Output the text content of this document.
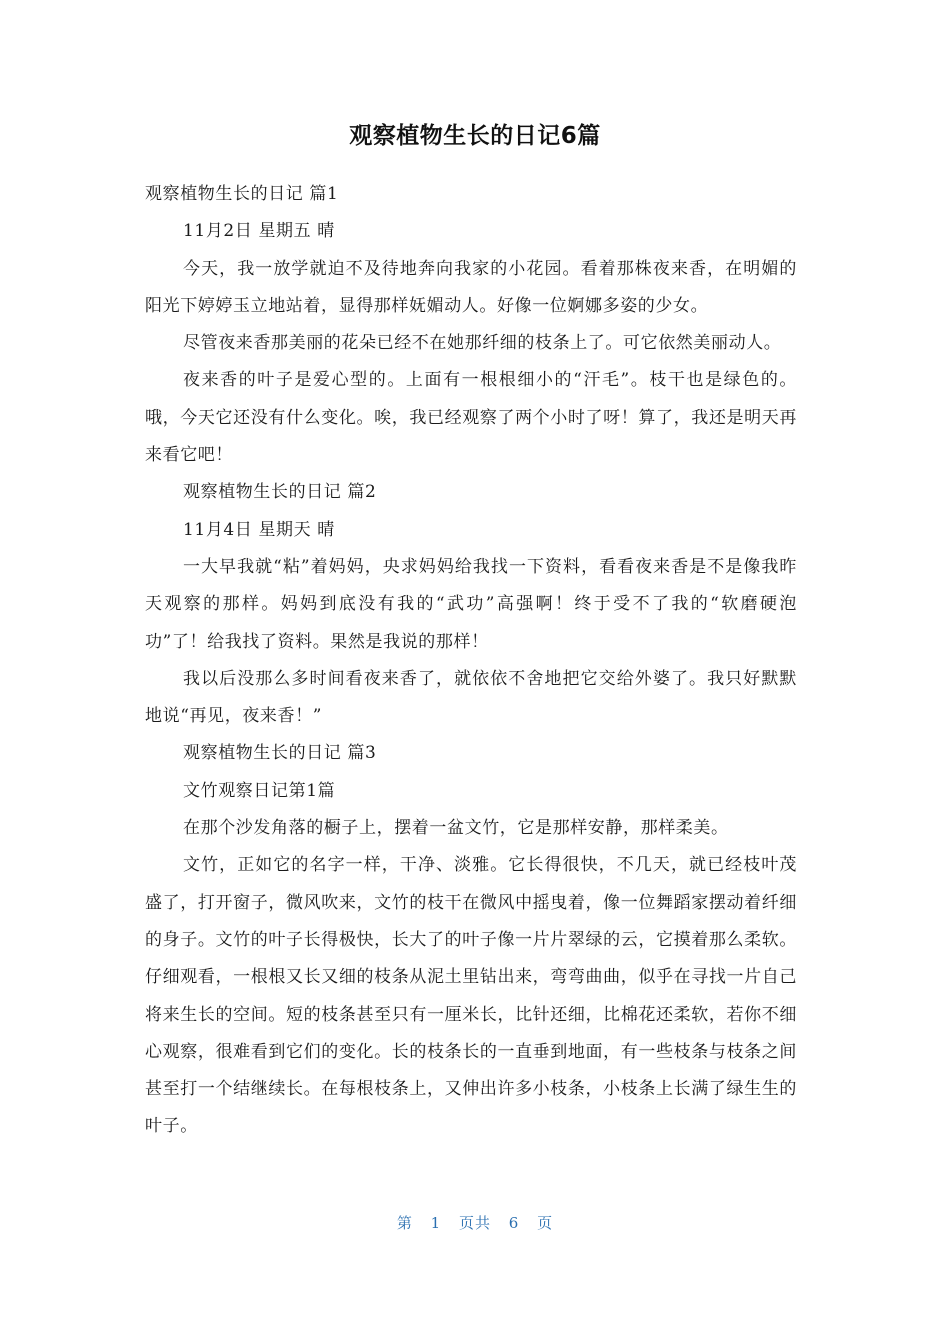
观察植物生长的日记6篇

观察植物生长的日记 篇1

11月2日 星期五 晴

今天，我一放学就迫不及待地奔向我家的小花园。看着那株夜来香，在明媚的阳光下婷婷玉立地站着，显得那样妩媚动人。好像一位婀娜多姿的少女。

尽管夜来香那美丽的花朵已经不在她那纤细的枝条上了。可它依然美丽动人。

夜来香的叶子是爱心型的。上面有一根根细小的“汗毛”。枝干也是绿色的。哦，今天它还没有什么变化。唉，我已经观察了两个小时了呀！算了，我还是明天再来看它吧！

观察植物生长的日记 篇2

11月4日 星期天 晴

一大早我就“粘”着妈妈，央求妈妈给我找一下资料，看看夜来香是不是像我昨天观察的那样。妈妈到底没有我的“武功”高强啊！终于受不了我的“软磨硬泡功”了！给我找了资料。果然是我说的那样！

我以后没那么多时间看夜来香了，就依依不舍地把它交给外婆了。我只好默默地说“再见，夜来香！”

观察植物生长的日记 篇3

文竹观察日记第1篇

在那个沙发角落的橱子上，摆着一盆文竹，它是那样安静，那样柔美。

文竹，正如它的名字一样，干净、淡雅。它长得很快，不几天，就已经枝叶茂盛了，打开窗子，微风吹来，文竹的枝干在微风中摇曳着，像一位舞蹈家摆动着纤细的身子。文竹的叶子长得极快，长大了的叶子像一片片翠绿的云，它摸着那么柔软。仔细观看，一根根又长又细的枝条从泥土里钻出来，弯弯曲曲，似乎在寻找一片自己将来生长的空间。短的枝条甚至只有一厘米长，比针还细，比棉花还柔软，若你不细心观察，很难看到它们的变化。长的枝条长的一直垂到地面，有一些枝条与枝条之间甚至打一个结继续长。在每根枝条上，又伸出许多小枝条，小枝条上长满了绿生生的叶子。

第 1 页共 6 页
